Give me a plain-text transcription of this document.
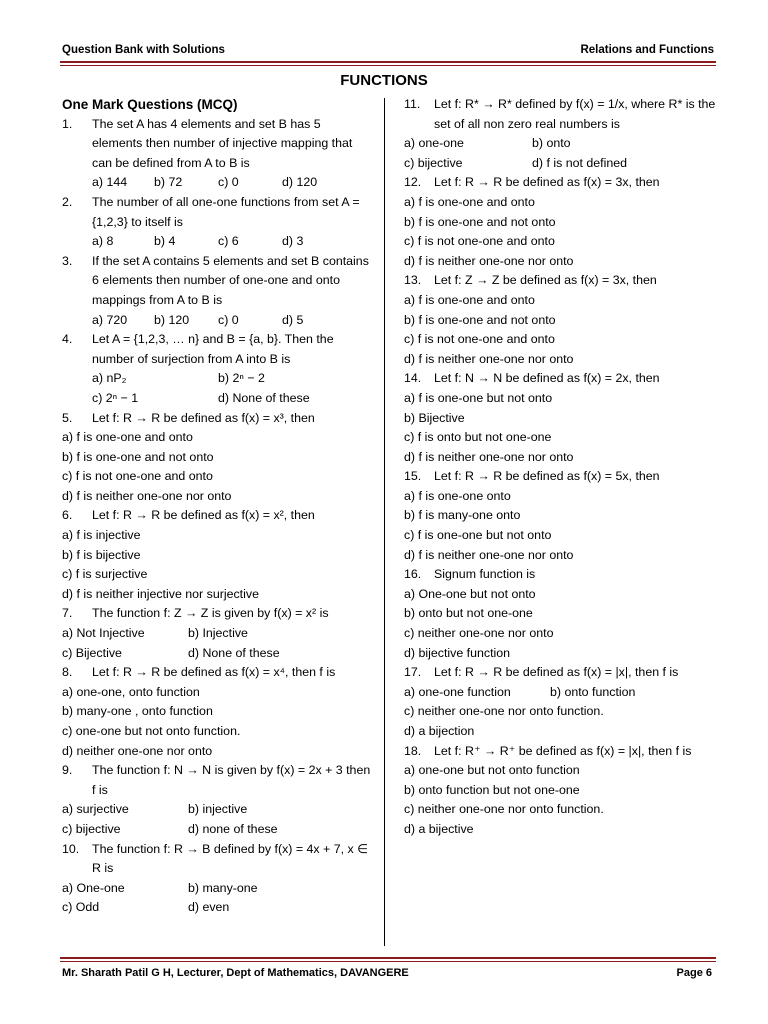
Question Bank with Solutions	Relations and Functions
FUNCTIONS
One Mark Questions (MCQ)
1. The set A has 4 elements and set B has 5 elements then number of injective mapping that can be defined from A to B is
a) 144	b) 72	c) 0	d) 120
2. The number of all one-one functions from set A = {1,2,3} to itself is
a) 8	b) 4	c) 6	d) 3
3. If the set A contains 5 elements and set B contains 6 elements then number of one-one and onto mappings from A to B is
a) 720	b) 120	c) 0	d) 5
4. Let A = {1,2,3, … n} and B = {a, b}. Then the number of surjection from A into B is
a) nP₂	b) 2ⁿ − 2
c) 2ⁿ − 1	d) None of these
5. Let f: R → R be defined as f(x) = x³, then
a) f is one-one and onto
b) f is one-one and not onto
c) f is not one-one and onto
d) f is neither one-one nor onto
6. Let f: R → R be defined as f(x) = x², then
a) f is injective
b) f is bijective
c) f is surjective
d) f is neither injective nor surjective
7. The function f: Z → Z is given by f(x) = x² is
a) Not Injective	b) Injective
c) Bijective	d) None of these
8. Let f: R → R be defined as f(x) = x⁴, then f is
a) one-one, onto function
b) many-one , onto function
c) one-one but not onto function.
d) neither one-one nor onto
9. The function f: N → N is given by f(x) = 2x + 3 then f is
a) surjective	b) injective
c) bijective	d) none of these
10. The function f: R → B defined by f(x) = 4x + 7, x ∈ R is
a) One-one	b) many-one
c) Odd	d) even
11. Let f: R* → R* defined by f(x) = 1/x, where R* is the set of all non zero real numbers is
a) one-one	b) onto
c) bijective	d) f is not defined
12. Let f: R → R be defined as f(x) = 3x, then
a) f is one-one and onto
b) f is one-one and not onto
c) f is not one-one and onto
d) f is neither one-one nor onto
13. Let f: Z → Z be defined as f(x) = 3x, then
a) f is one-one and onto
b) f is one-one and not onto
c) f is not one-one and onto
d) f is neither one-one nor onto
14. Let f: N → N be defined as f(x) = 2x, then
a) f is one-one but not onto
b) Bijective
c) f is onto but not one-one
d) f is neither one-one nor onto
15. Let f: R → R be defined as f(x) = 5x, then
a) f is one-one onto
b) f is many-one onto
c) f is one-one but not onto
d) f is neither one-one nor onto
16. Signum function is
a) One-one but not onto
b) onto but not one-one
c) neither one-one nor onto
d) bijective function
17. Let f: R → R be defined as f(x) = |x|, then f is
a) one-one function	b) onto function
c) neither one-one nor onto function.
d) a bijection
18. Let f: R⁺ → R⁺ be defined as f(x) = |x|, then f is
a) one-one but not onto function
b) onto function but not one-one
c) neither one-one nor onto function.
d) a bijective
Mr. Sharath Patil G H, Lecturer, Dept of Mathematics, DAVANGERE	Page 6
